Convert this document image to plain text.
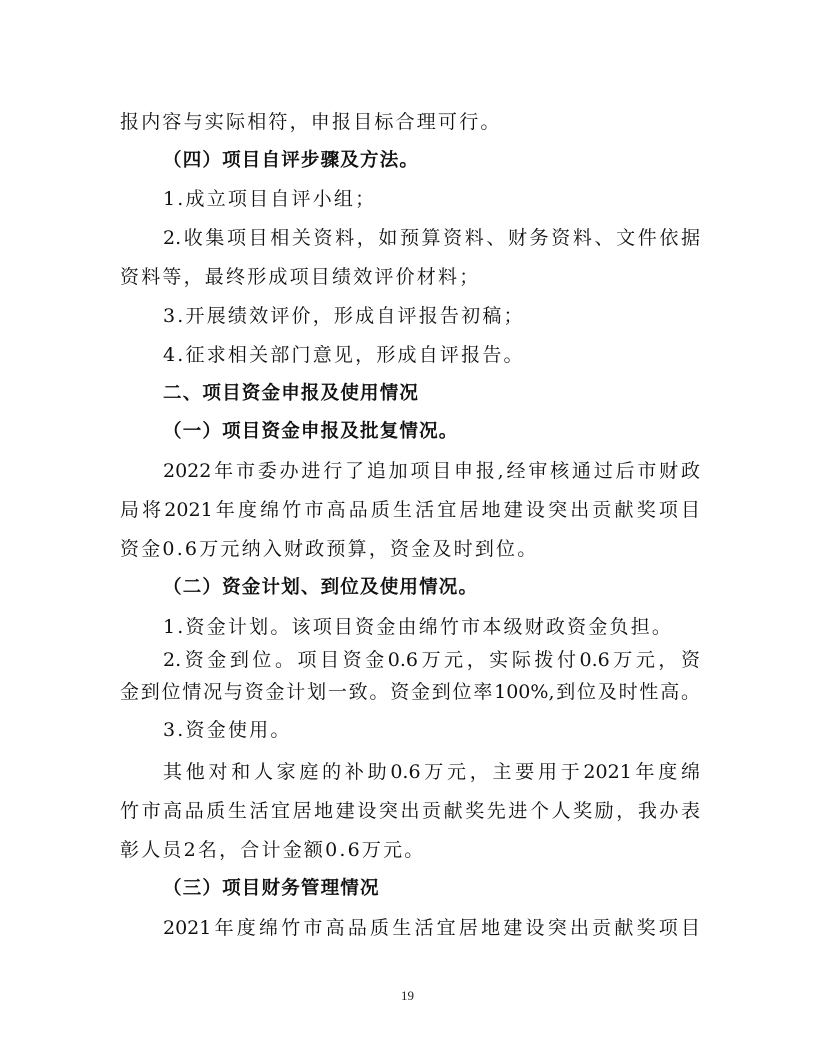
报内容与实际相符，申报目标合理可行。
（四）项目自评步骤及方法。
1.成立项目自评小组；
2.收集项目相关资料，如预算资料、财务资料、文件依据
资料等，最终形成项目绩效评价材料；
3.开展绩效评价，形成自评报告初稿；
4.征求相关部门意见，形成自评报告。
二、项目资金申报及使用情况
（一）项目资金申报及批复情况。
2022年市委办进行了追加项目申报,经审核通过后市财政
局将2021年度绵竹市高品质生活宜居地建设突出贡献奖项目
资金0.6万元纳入财政预算，资金及时到位。
（二）资金计划、到位及使用情况。
1.资金计划。该项目资金由绵竹市本级财政资金负担。
2.资金到位。项目资金0.6万元，实际拨付0.6万元，资
金到位情况与资金计划一致。资金到位率100%,到位及时性高。
3.资金使用。
其他对和人家庭的补助0.6万元，主要用于2021年度绵
竹市高品质生活宜居地建设突出贡献奖先进个人奖励，我办表
彰人员2名，合计金额0.6万元。
（三）项目财务管理情况
2021年度绵竹市高品质生活宜居地建设突出贡献奖项目
19
